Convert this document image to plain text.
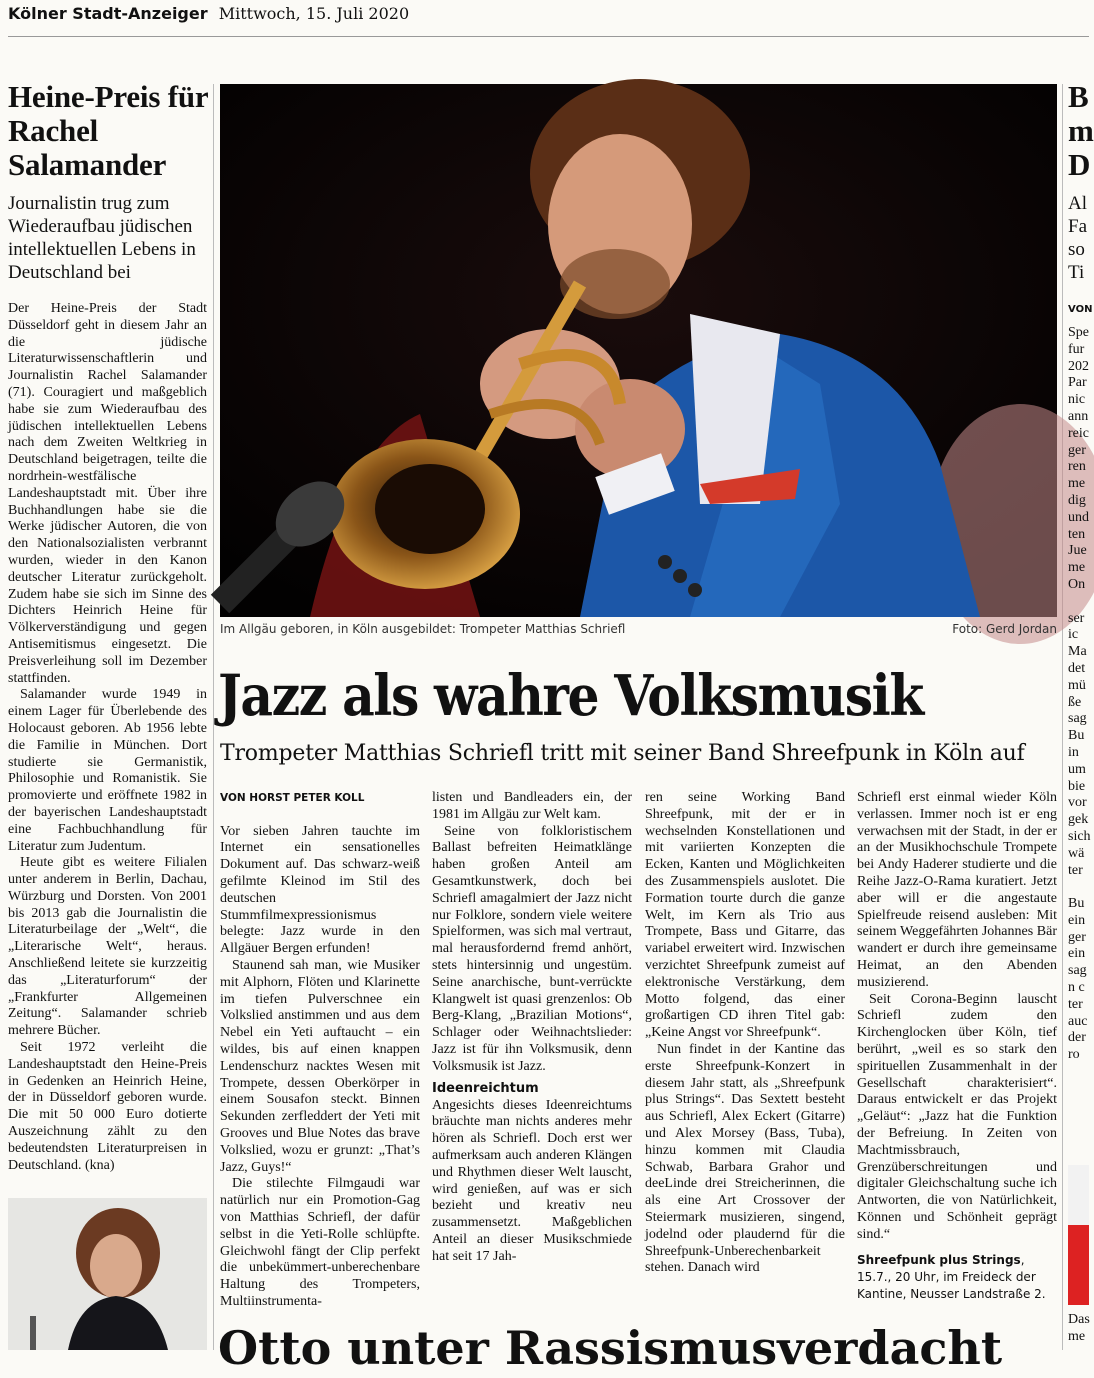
Kölner Stadt-Anzeiger Mittwoch, 15. Juli 2020
Heine-Preis für Rachel Salamander
Journalistin trug zum Wiederaufbau jüdischen intellektuellen Lebens in Deutschland bei

Der Heine-Preis der Stadt Düsseldorf geht in diesem Jahr an die jüdische Literaturwissenschaftlerin und Journalistin Rachel Salamander (71). Couragiert und maßgeblich habe sie zum Wiederaufbau des jüdischen intellektuellen Lebens nach dem Zweiten Weltkrieg in Deutschland beigetragen, teilte die nordrhein-westfälische Landeshauptstadt mit. Über ihre Buchhandlungen habe sie die Werke jüdischer Autoren, die von den Nationalsozialisten verbrannt wurden, wieder in den Kanon deutscher Literatur zurückgeholt. Zudem habe sie sich im Sinne des Dichters Heinrich Heine für Völkerverständigung und gegen Antisemitismus eingesetzt. Die Preisverleihung soll im Dezember stattfinden.

Salamander wurde 1949 in einem Lager für Überlebende des Holocaust geboren. Ab 1956 lebte die Familie in München. Dort studierte sie Germanistik, Philosophie und Romanistik. Sie promovierte und eröffnete 1982 in der bayerischen Landeshauptstadt eine Fachbuchhandlung für Literatur zum Judentum.

Heute gibt es weitere Filialen unter anderem in Berlin, Dachau, Würzburg und Dorsten. Von 2001 bis 2013 gab die Journalistin die Literaturbeilage der „Welt“, die „Literarische Welt“, heraus. Anschließend leitete sie kurzzeitig das „Literaturforum“ der „Frankfurter Allgemeinen Zeitung“. Salamander schrieb mehrere Bücher.

Seit 1972 verleiht die Landeshauptstadt den Heine-Preis in Gedenken an Heinrich Heine, der in Düsseldorf geboren wurde. Die mit 50 000 Euro dotierte Auszeichnung zählt zu den bedeutendsten Literaturpreisen in Deutschland. (kna)

Im Allgäu geboren, in Köln ausgebildet: Trompeter Matthias Schriefl	Foto: Gerd Jordan
Jazz als wahre Volksmusik
Trompeter Matthias Schriefl tritt mit seiner Band Shreefpunk in Köln auf

VON HORST PETER KOLL

Vor sieben Jahren tauchte im Internet ein sensationelles Dokument auf. Das schwarz-weiß gefilmte Kleinod im Stil des deutschen Stummfilmexpressionismus belegte: Jazz wurde in den Allgäuer Bergen erfunden!

Staunend sah man, wie Musiker mit Alphorn, Flöten und Klarinette im tiefen Pulverschnee ein Volkslied anstimmen und aus dem Nebel ein Yeti auftaucht – ein wildes, bis auf einen knappen Lendenschurz nacktes Wesen mit Trompete, dessen Oberkörper in einem Sousafon steckt. Binnen Sekunden zerfleddert der Yeti mit Grooves und Blue Notes das brave Volkslied, wozu er grunzt: „That’s Jazz, Guys!“

Die stilechte Filmgaudi war natürlich nur ein Promotion-Gag von Matthias Schriefl, der dafür selbst in die Yeti-Rolle schlüpfte. Gleichwohl fängt der Clip perfekt die unbekümmert-unberechenbare Haltung des Trompeters, Multiinstrumenta-

listen und Bandleaders ein, der 1981 im Allgäu zur Welt kam.

Seine von folkloristischem Ballast befreiten Heimatklänge haben großen Anteil am Gesamtkunstwerk, doch bei Schriefl amagalmiert der Jazz nicht nur Folklore, sondern viele weitere Spielformen, was sich mal vertraut, mal herausfordernd fremd anhört, stets hintersinnig und ungestüm. Seine anarchische, bunt-verrückte Klangwelt ist quasi grenzenlos: Ob Berg-Klang, „Brazilian Motions“, Schlager oder Weihnachtslieder: Jazz ist für ihn Volksmusik, denn Volksmusik ist Jazz.

Ideenreichtum

Angesichts dieses Ideenreichtums bräuchte man nichts anderes mehr hören als Schriefl. Doch erst wer aufmerksam auch anderen Klängen und Rhythmen dieser Welt lauscht, wird genießen, auf was er sich bezieht und kreativ neu zusammensetzt. Maßgeblichen Anteil an dieser Musikschmiede hat seit 17 Jah-

ren seine Working Band Shreefpunk, mit der er in wechselnden Konstellationen und mit variierten Konzepten die Ecken, Kanten und Möglichkeiten des Zusammenspiels auslotet. Die Formation tourte durch die ganze Welt, im Kern als Trio aus Trompete, Bass und Gitarre, das variabel erweitert wird. Inzwischen verzichtet Shreefpunk zumeist auf elektronische Verstärkung, dem Motto folgend, das einer großartigen CD ihren Titel gab: „Keine Angst vor Shreefpunk“.

Nun findet in der Kantine das erste Shreefpunk-Konzert in diesem Jahr statt, als „Shreefpunk plus Strings“. Das Sextett besteht aus Schriefl, Alex Eckert (Gitarre) und Alex Morsey (Bass, Tuba), hinzu kommen mit Claudia Schwab, Barbara Grahor und deeLinde drei Streicherinnen, die als eine Art Crossover der Steiermark musizieren, singend, jodelnd oder plaudernd für die Shreefpunk-Unberechenbarkeit stehen. Danach wird

Schriefl erst einmal wieder Köln verlassen. Immer noch ist er eng verwachsen mit der Stadt, in der er an der Musikhochschule Trompete bei Andy Haderer studierte und die Reihe Jazz-O-Rama kuratiert. Jetzt aber will er die angestaute Spielfreude reisend ausleben: Mit seinem Weggefährten Johannes Bär wandert er durch ihre gemeinsame Heimat, an den Abenden musizierend.

Seit Corona-Beginn lauscht Schriefl zudem den Kirchenglocken über Köln, tief berührt, „weil es so stark den spirituellen Zusammenhalt in der Gesellschaft charakterisiert“. Daraus entwickelt er das Projekt „Geläut“: „Jazz hat die Funktion der Befreiung. In Zeiten von Machtmissbrauch, Grenzüberschreitungen und digitaler Gleichschaltung suche ich Antworten, die von Natürlichkeit, Können und Schönheit geprägt sind.“

Shreefpunk plus Strings, 15.7., 20 Uhr, im Freideck der Kantine, Neusser Landstraße 2.

Otto unter Rassismusverdacht
B
m
D
Al
Fa
so
Ti
VON
Spe
fur
202
Par
nic
ann
reic
ger
ren
me
dig
und
ten
Jue
me
On
ser
ic
Ma
det
mü
ße
sag
Bu
in
um
bie
vor
gek
sich
wä
ter
Bu
ein
ger
ein
sag
n c
ter
auc
der
ro
Das
me
